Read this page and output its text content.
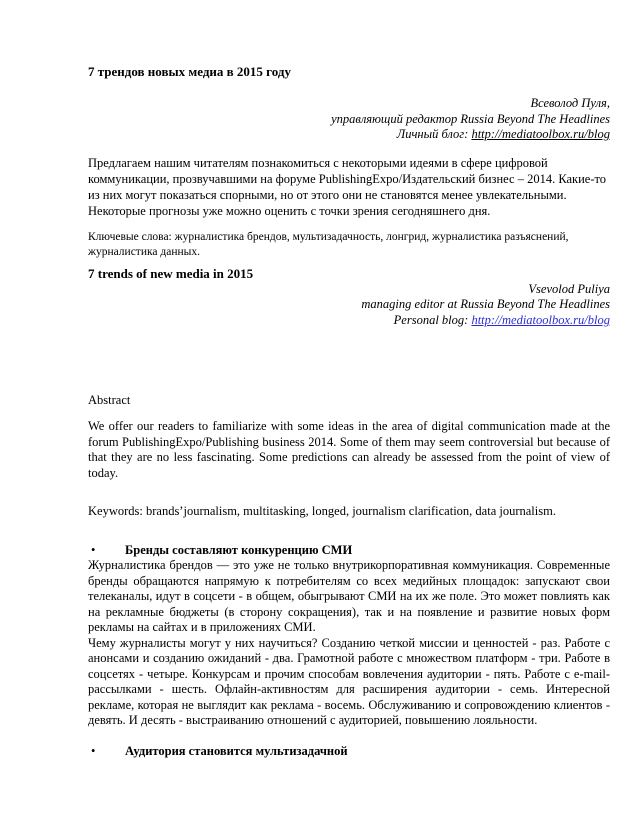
7 трендов новых медиа в 2015 году
Всеволод Пуля,
управляющий редактор Russia Beyond The Headlines
Личный блог: http://mediatoolbox.ru/blog

Предлагаем нашим читателям познакомиться с некоторыми идеями в сфере цифровой коммуникации, прозвучавшими на форуме PublishingExpo/Издательский бизнес – 2014. Какие-то из них могут показаться спорными, но от этого они не становятся менее увлекательными. Некоторые прогнозы уже можно оценить с точки зрения сегодняшнего дня.

Ключевые слова: журналистика брендов, мультизадачность, лонгрид, журналистика разъяснений, журналистика данных.

7 trends of new media in 2015
Vsevolod Puliya
managing editor at Russia Beyond The Headlines
Personal blog: http://mediatoolbox.ru/blog

Abstract

We offer our readers to familiarize with some ideas in the area of digital communication made at the forum PublishingExpo/Publishing business 2014. Some of them may seem controversial but because of that they are no less fascinating. Some predictions can already be assessed from the point of view of today.

Keywords: brands’journalism, multitasking, longed, journalism clarification, data journalism.

•	Бренды составляют конкуренцию СМИ

Журналистика брендов — это уже не только внутрикорпоративная коммуникация. Современные бренды обращаются напрямую к потребителям со всех медийных площадок: запускают свои телеканалы, идут в соцсети - в общем, обыгрывают СМИ на их же поле. Это может повлиять как на рекламные бюджеты (в сторону сокращения), так и на появление и развитие новых форм рекламы на сайтах и в приложениях СМИ.

Чему журналисты могут у них научиться? Созданию четкой миссии и ценностей - раз. Работе с анонсами и созданию ожиданий - два. Грамотной работе с множеством платформ - три. Работе в соцсетях - четыре. Конкурсам и прочим способам вовлечения аудитории - пять. Работе с e-mail-рассылками - шесть. Офлайн-активностям для расширения аудитории - семь. Интересной рекламе, которая не выглядит как реклама - восемь. Обслуживанию и сопровождению клиентов - девять. И десять - выстраиванию отношений с аудиторией, повышению лояльности.

•	Аудитория становится мультизадачной
